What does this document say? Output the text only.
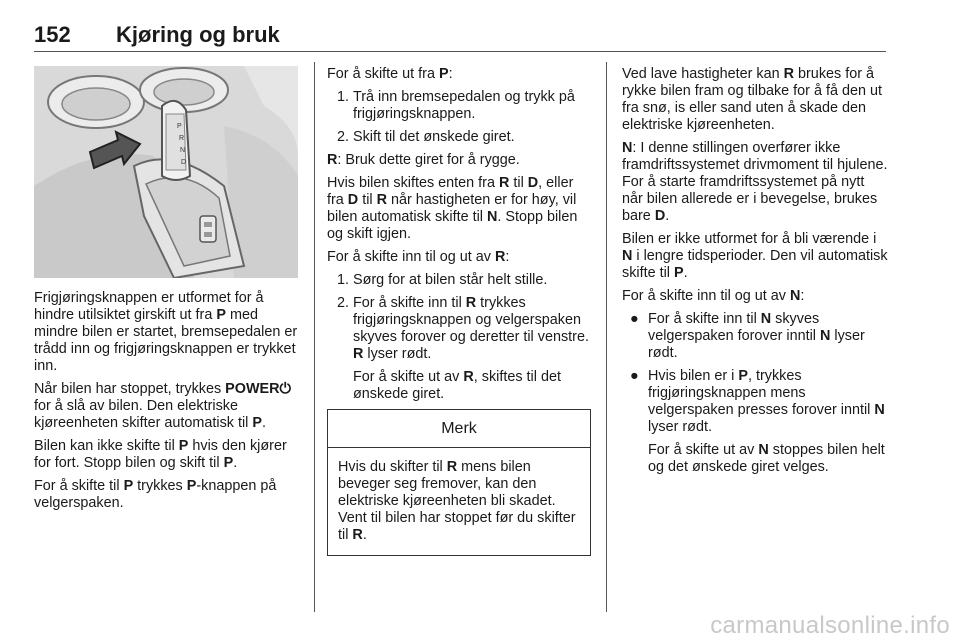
152 Kjøring og bruk
P
R
N
D

Frigjøringsknappen er utformet for å hindre utilsiktet girskift ut fra P med mindre bilen er startet, bremsepedalen er trådd inn og frigjøringsknappen er trykket inn.

Når bilen har stoppet, trykkes POWER⏻ for å slå av bilen. Den elektriske kjøreenheten skifter automatisk til P.

Bilen kan ikke skifte til P hvis den kjører for fort. Stopp bilen og skift til P.

For å skifte til P trykkes P-knappen på velgerspaken.

For å skifte ut fra P:

1. Trå inn bremsepedalen og trykk på frigjøringsknappen.
2. Skift til det ønskede giret.

R: Bruk dette giret for å rygge.

Hvis bilen skiftes enten fra R til D, eller fra D til R når hastigheten er for høy, vil bilen automatisk skifte til N. Stopp bilen og skift igjen.

For å skifte inn til og ut av R:

1. Sørg for at bilen står helt stille.
2. For å skifte inn til R trykkes frigjøringsknappen og velgerspaken skyves forover og deretter til venstre. R lyser rødt.
For å skifte ut av R, skiftes til det ønskede giret.
Merk
Hvis du skifter til R mens bilen beveger seg fremover, kan den elektriske kjøreenheten bli skadet. Vent til bilen har stoppet før du skifter til R.

Ved lave hastigheter kan R brukes for å rykke bilen fram og tilbake for å få den ut fra snø, is eller sand uten å skade den elektriske kjøreenheten.

N: I denne stillingen overfører ikke framdriftssystemet drivmoment til hjulene. For å starte framdriftssystemet på nytt når bilen allerede er i bevegelse, brukes bare D.

Bilen er ikke utformet for å bli værende i N i lengre tidsperioder. Den vil automatisk skifte til P.

For å skifte inn til og ut av N:

● For å skifte inn til N skyves velgerspaken forover inntil N lyser rødt.
● Hvis bilen er i P, trykkes frigjøringsknappen mens velgerspaken presses forover inntil N lyser rødt.
For å skifte ut av N stoppes bilen helt og det ønskede giret velges.
carmanualsonline.info
